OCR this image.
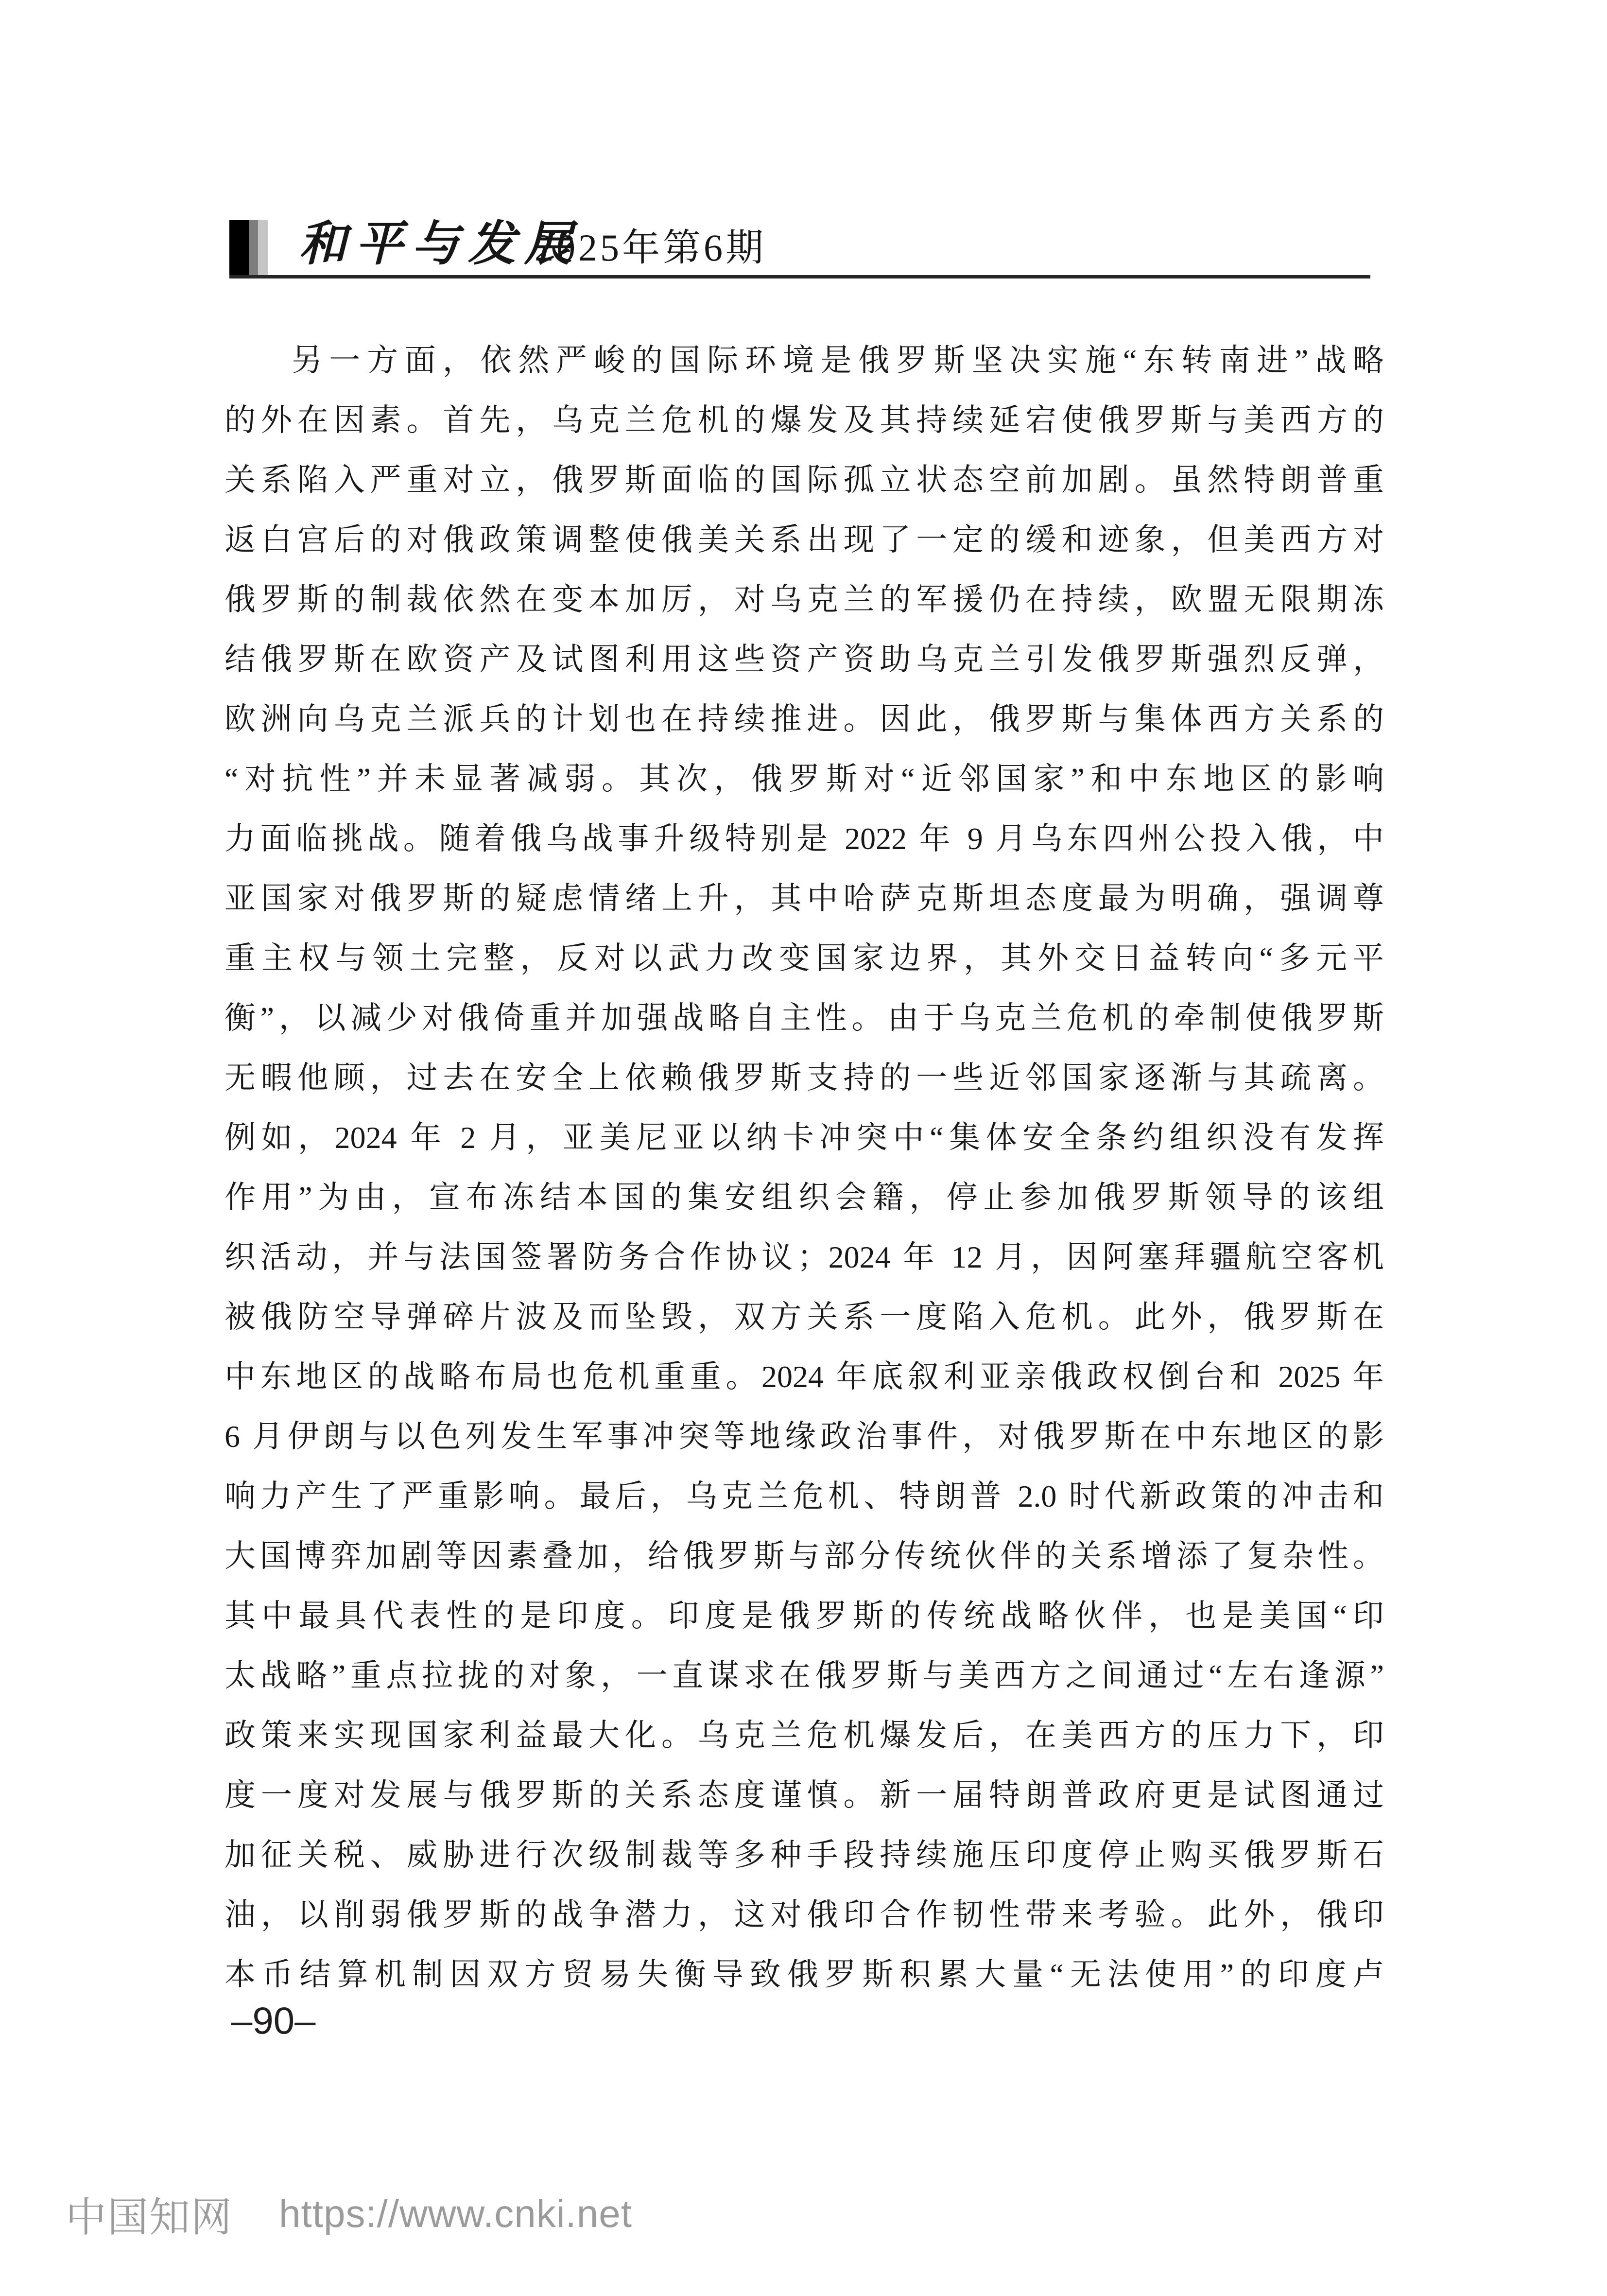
和平与发展
2025年第6期
另一方面，依然严峻的国际环境是俄罗斯坚决实施“东转南进”战略
的外在因素。首先，乌克兰危机的爆发及其持续延宕使俄罗斯与美西方的
关系陷入严重对立，俄罗斯面临的国际孤立状态空前加剧。虽然特朗普重
返白宫后的对俄政策调整使俄美关系出现了一定的缓和迹象，但美西方对
俄罗斯的制裁依然在变本加厉，对乌克兰的军援仍在持续，欧盟无限期冻
结俄罗斯在欧资产及试图利用这些资产资助乌克兰引发俄罗斯强烈反弹，
欧洲向乌克兰派兵的计划也在持续推进。因此，俄罗斯与集体西方关系的
“对抗性”并未显著减弱。其次，俄罗斯对“近邻国家”和中东地区的影响
力面临挑战。随着俄乌战事升级特别是 2022 年 9 月乌东四州公投入俄，中
亚国家对俄罗斯的疑虑情绪上升，其中哈萨克斯坦态度最为明确，强调尊
重主权与领土完整，反对以武力改变国家边界，其外交日益转向“多元平
衡”，以减少对俄倚重并加强战略自主性。由于乌克兰危机的牵制使俄罗斯
无暇他顾，过去在安全上依赖俄罗斯支持的一些近邻国家逐渐与其疏离。
例如，2024 年 2 月，亚美尼亚以纳卡冲突中“集体安全条约组织没有发挥
作用”为由，宣布冻结本国的集安组织会籍，停止参加俄罗斯领导的该组
织活动，并与法国签署防务合作协议；2024 年 12 月，因阿塞拜疆航空客机
被俄防空导弹碎片波及而坠毁，双方关系一度陷入危机。此外，俄罗斯在
中东地区的战略布局也危机重重。2024 年底叙利亚亲俄政权倒台和 2025 年
6 月伊朗与以色列发生军事冲突等地缘政治事件，对俄罗斯在中东地区的影
响力产生了严重影响。最后，乌克兰危机、特朗普 2.0 时代新政策的冲击和
大国博弈加剧等因素叠加，给俄罗斯与部分传统伙伴的关系增添了复杂性。
其中最具代表性的是印度。印度是俄罗斯的传统战略伙伴，也是美国“印
太战略”重点拉拢的对象，一直谋求在俄罗斯与美西方之间通过“左右逢源”
政策来实现国家利益最大化。乌克兰危机爆发后，在美西方的压力下，印
度一度对发展与俄罗斯的关系态度谨慎。新一届特朗普政府更是试图通过
加征关税、威胁进行次级制裁等多种手段持续施压印度停止购买俄罗斯石
油，以削弱俄罗斯的战争潜力，这对俄印合作韧性带来考验。此外，俄印
本币结算机制因双方贸易失衡导致俄罗斯积累大量“无法使用”的印度卢
–90–
中国知网 https://www.cnki.net
